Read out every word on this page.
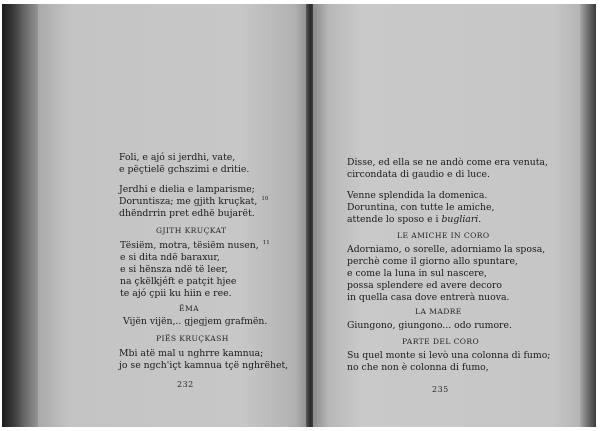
Foli, e ajó si jerdhi, vate,
e pëçtielë gchszimi e dritie.
Jerdhi e dielia e lamparisme;
Doruntisza; me gjith kruçkat, $^{10}$
dhëndrrin pret edhë bujarët.
GJITH KRUÇKAT
Tësiëm, motra, tësiëm nusen, $^{11}$
e si dita ndë baraxur,
e si hënsza ndë të leer,
na çkëlkjéft e patçit hjee
te ajó çpii ku hiin e ree.
ËMA
Vijën vijën,.. gjegjem grafmën.
PIËS KRUÇKASH
Mbi atë mal u nghrre kamnua;
jo se ngch'içt kamnua tçë nghrëhet,
232
Disse, ed ella se ne andò come era venuta,
circondata di gaudio e di luce.
Venne splendida la domenica.
Doruntina, con tutte le amiche,
attende lo sposo e i bugliari.
LE AMICHE IN CORO
Adorniamo, o sorelle, adorniamo la sposa,
perchè come il giorno allo spuntare,
e come la luna in sul nascere,
possa splendere ed avere decoro
in quella casa dove entrerà nuova.
LA MADRE
Giungono, giungono... odo rumore.
PARTE DEL CORO
Su quel monte si levò una colonna di fumo;
no che non è colonna di fumo,
235
